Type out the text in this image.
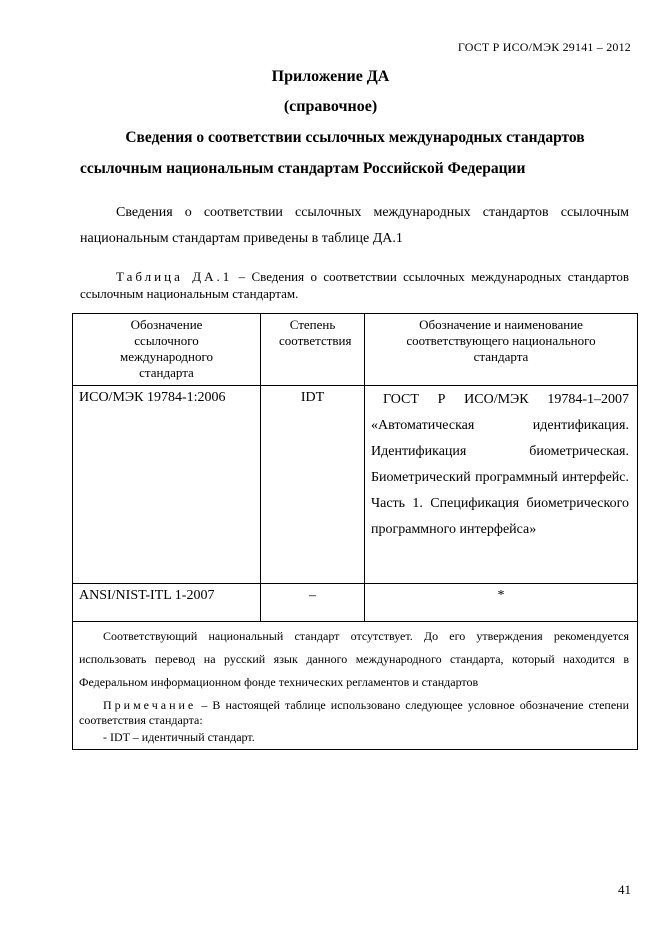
ГОСТ Р ИСО/МЭК 29141 – 2012
Приложение ДА
(справочное)
Сведения о соответствии ссылочных международных стандартов
ссылочным национальным стандартам Российской Федерации
Сведения о соответствии ссылочных международных стандартов ссылочным национальным стандартам приведены в таблице ДА.1
Таблица ДА.1 – Сведения о соответствии ссылочных международных стандартов ссылочным национальным стандартам.
Обозначение ссылочного международного стандарта	Степень соответствия	Обозначение и наименование соответствующего национального стандарта
ИСО/МЭК 19784-1:2006	IDT	ГОСТ Р ИСО/МЭК 19784-1–2007 «Автоматическая идентификация. Идентификация биометрическая. Биометрический программный интерфейс. Часть 1. Спецификация биометрического программного интерфейса»
ANSI/NIST-ITL 1-2007	–	*

Соответствующий национальный стандарт отсутствует. До его утверждения рекомендуется использовать перевод на русский язык данного международного стандарта, который находится в Федеральном информационном фонде технических регламентов и стандартов
Примечание – В настоящей таблице использовано следующее условное обозначение степени соответствия стандарта:
- IDT – идентичный стандарт.		
41
